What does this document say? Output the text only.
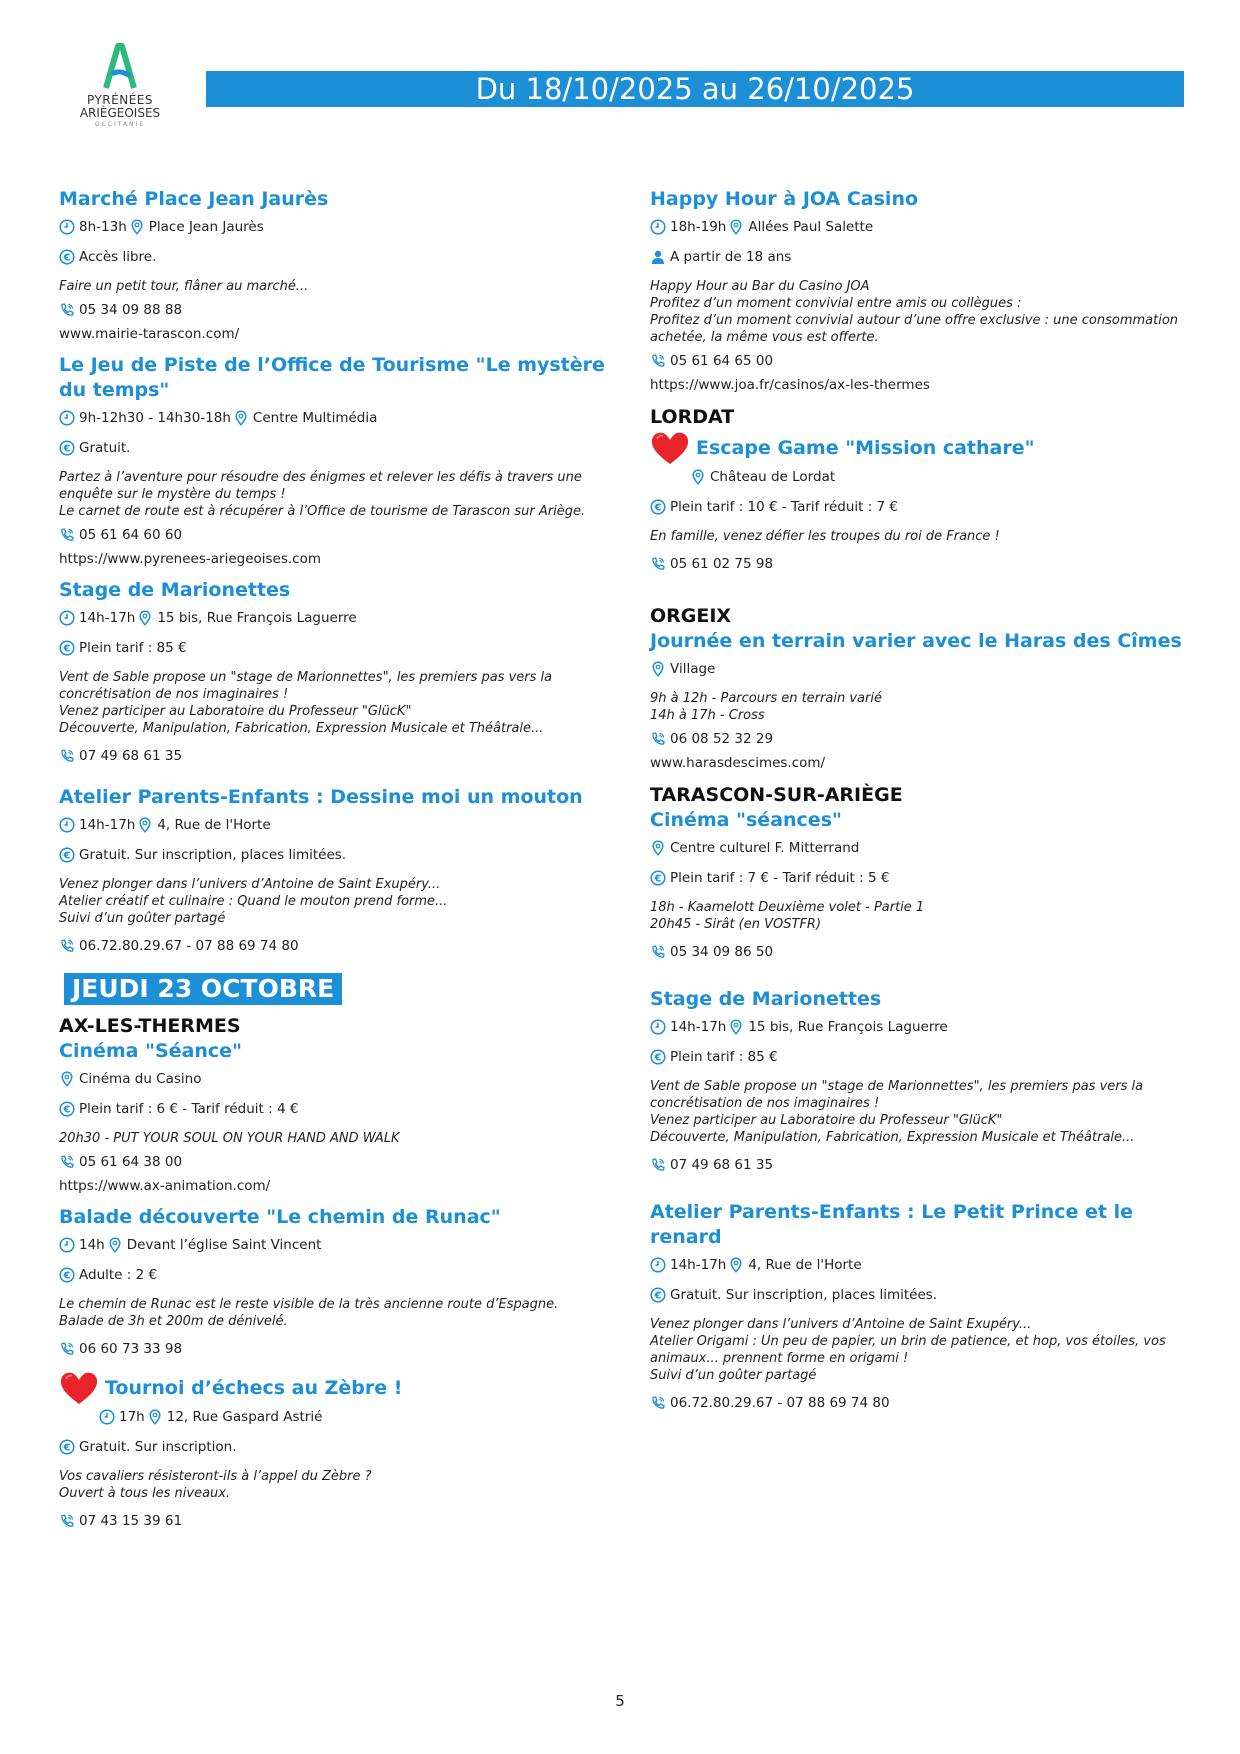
PYRÉNÉES
ARIÈGEOISES
OCCITANIE
Du 18/10/2025 au 26/10/2025
Marché Place Jean Jaurès
8h-13h Place Jean Jaurès
Accès libre.
Faire un petit tour, flâner au marché...
05 34 09 88 88
www.mairie-tarascon.com/
Le Jeu de Piste de l’Office de Tourisme "Le mystère du temps"
9h-12h30 - 14h30-18h Centre Multimédia
Gratuit.
Partez à l’aventure pour résoudre des énigmes et relever les défis à travers une enquête sur le mystère du temps !
Le carnet de route est à récupérer à l’Office de tourisme de Tarascon sur Ariège.
05 61 64 60 60
https://www.pyrenees-ariegeoises.com
Stage de Marionettes
14h-17h 15 bis, Rue François Laguerre
Plein tarif : 85 €
Vent de Sable propose un "stage de Marionnettes", les premiers pas vers la concrétisation de nos imaginaires !
Venez participer au Laboratoire du Professeur "GlücK"
Découverte, Manipulation, Fabrication, Expression Musicale et Théâtrale...
07 49 68 61 35
Atelier Parents-Enfants : Dessine moi un mouton
14h-17h 4, Rue de l'Horte
Gratuit. Sur inscription, places limitées.
Venez plonger dans l’univers d’Antoine de Saint Exupéry...
Atelier créatif et culinaire : Quand le mouton prend forme...
Suivi d’un goûter partagé
06.72.80.29.67 - 07 88 69 74 80
JEUDI 23 OCTOBRE
AX-LES-THERMES
Cinéma "Séance"
Cinéma du Casino
Plein tarif : 6 € - Tarif réduit : 4 €
20h30 - PUT YOUR SOUL ON YOUR HAND AND WALK
05 61 64 38 00
https://www.ax-animation.com/
Balade découverte "Le chemin de Runac"
14h Devant l’église Saint Vincent
Adulte : 2 €
Le chemin de Runac est le reste visible de la très ancienne route d’Espagne.
Balade de 3h et 200m de dénivelé.
06 60 73 33 98
Tournoi d’échecs au Zèbre !
17h 12, Rue Gaspard Astrié
Gratuit. Sur inscription.
Vos cavaliers résisteront-ils à l’appel du Zèbre ?
Ouvert à tous les niveaux.
07 43 15 39 61
Happy Hour à JOA Casino
18h-19h Allées Paul Salette
A partir de 18 ans
Happy Hour au Bar du Casino JOA
Profitez d’un moment convivial entre amis ou collègues :
Profitez d’un moment convivial autour d’une offre exclusive : une consommation achetée, la même vous est offerte.
05 61 64 65 00
https://www.joa.fr/casinos/ax-les-thermes
LORDAT
Escape Game "Mission cathare"
Château de Lordat
Plein tarif : 10 € - Tarif réduit : 7 €
En famille, venez défier les troupes du roi de France !
05 61 02 75 98
ORGEIX
Journée en terrain varier avec le Haras des Cîmes
Village
9h à 12h - Parcours en terrain varié
14h à 17h - Cross
06 08 52 32 29
www.harasdescimes.com/
TARASCON-SUR-ARIÈGE
Cinéma "séances"
Centre culturel F. Mitterrand
Plein tarif : 7 € - Tarif réduit : 5 €
18h - Kaamelott Deuxième volet - Partie 1
20h45 - Sirât (en VOSTFR)
05 34 09 86 50
Stage de Marionettes
14h-17h 15 bis, Rue François Laguerre
Plein tarif : 85 €
Vent de Sable propose un "stage de Marionnettes", les premiers pas vers la concrétisation de nos imaginaires !
Venez participer au Laboratoire du Professeur "GlücK"
Découverte, Manipulation, Fabrication, Expression Musicale et Théâtrale...
07 49 68 61 35
Atelier Parents-Enfants : Le Petit Prince et le renard
14h-17h 4, Rue de l'Horte
Gratuit. Sur inscription, places limitées.
Venez plonger dans l’univers d’Antoine de Saint Exupéry...
Atelier Origami : Un peu de papier, un brin de patience, et hop, vos étoiles, vos animaux... prennent forme en origami !
Suivi d’un goûter partagé
06.72.80.29.67 - 07 88 69 74 80
5
